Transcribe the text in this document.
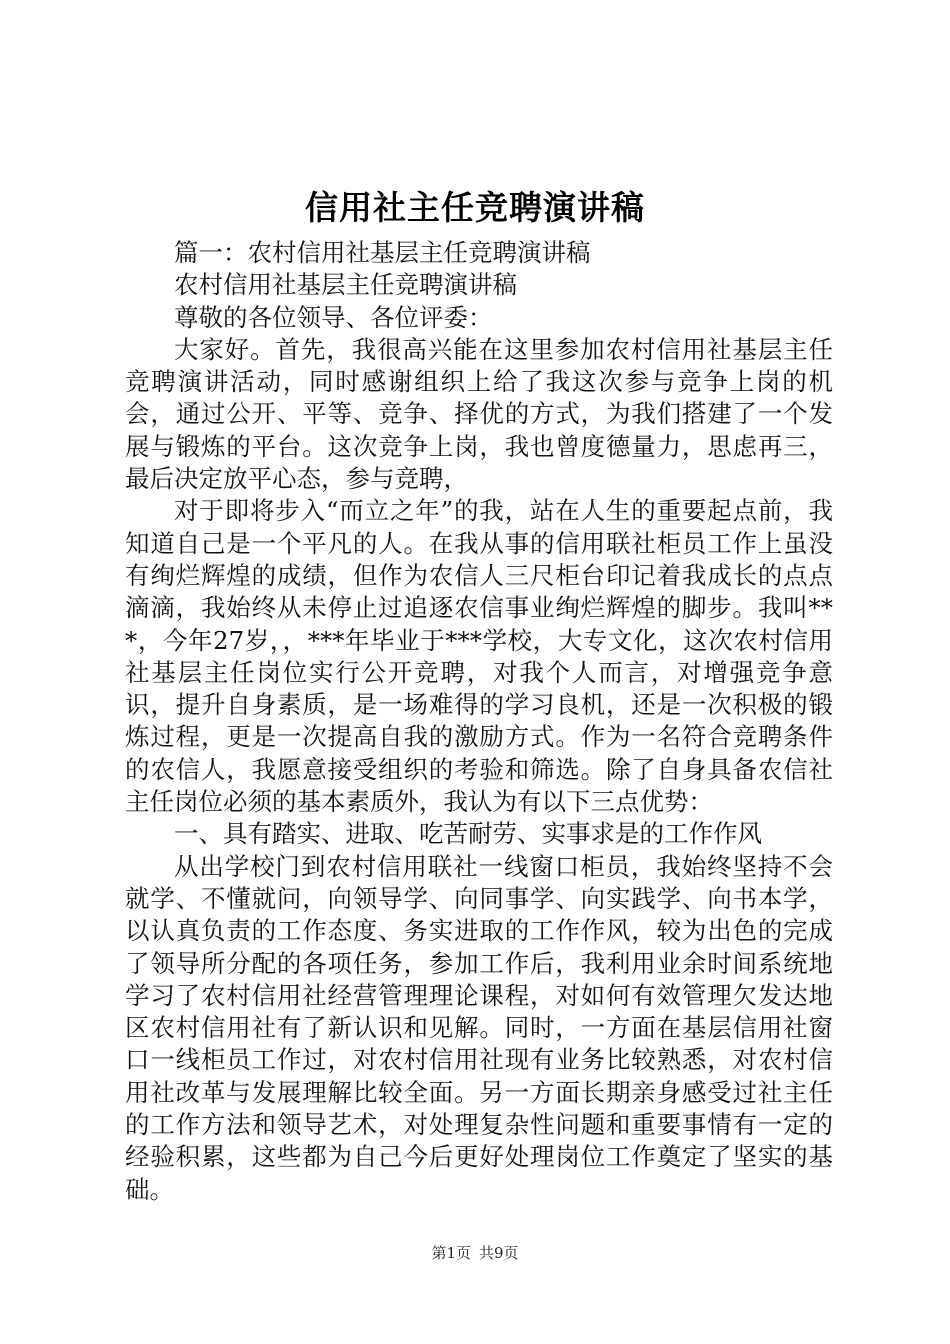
信用社主任竞聘演讲稿

篇一：农村信用社基层主任竞聘演讲稿

农村信用社基层主任竞聘演讲稿

尊敬的各位领导、各位评委：

大家好。首先，我很高兴能在这里参加农村信用社基层主任竞聘演讲活动，同时感谢组织上给了我这次参与竞争上岗的机会，通过公开、平等、竞争、择优的方式，为我们搭建了一个发展与锻炼的平台。这次竞争上岗，我也曾度德量力，思虑再三，最后决定放平心态，参与竞聘，

对于即将步入“而立之年”的我，站在人生的重要起点前，我知道自己是一个平凡的人。在我从事的信用联社柜员工作上虽没有绚烂辉煌的成绩，但作为农信人三尺柜台印记着我成长的点点滴滴，我始终从未停止过追逐农信事业绚烂辉煌的脚步。我叫***，今年27岁，，***年毕业于***学校，大专文化，这次农村信用社基层主任岗位实行公开竞聘，对我个人而言，对增强竞争意识，提升自身素质，是一场难得的学习良机，还是一次积极的锻炼过程，更是一次提高自我的激励方式。作为一名符合竞聘条件的农信人，我愿意接受组织的考验和筛选。除了自身具备农信社主任岗位必须的基本素质外，我认为有以下三点优势：

一、具有踏实、进取、吃苦耐劳、实事求是的工作作风

从出学校门到农村信用联社一线窗口柜员，我始终坚持不会就学、不懂就问，向领导学、向同事学、向实践学、向书本学，以认真负责的工作态度、务实进取的工作作风，较为出色的完成了领导所分配的各项任务，参加工作后，我利用业余时间系统地学习了农村信用社经营管理理论课程，对如何有效管理欠发达地区农村信用社有了新认识和见解。同时，一方面在基层信用社窗口一线柜员工作过，对农村信用社现有业务比较熟悉，对农村信用社改革与发展理解比较全面。另一方面长期亲身感受过社主任的工作方法和领导艺术，对处理复杂性问题和重要事情有一定的经验积累，这些都为自己今后更好处理岗位工作奠定了坚实的基础。

第1页 共9页
